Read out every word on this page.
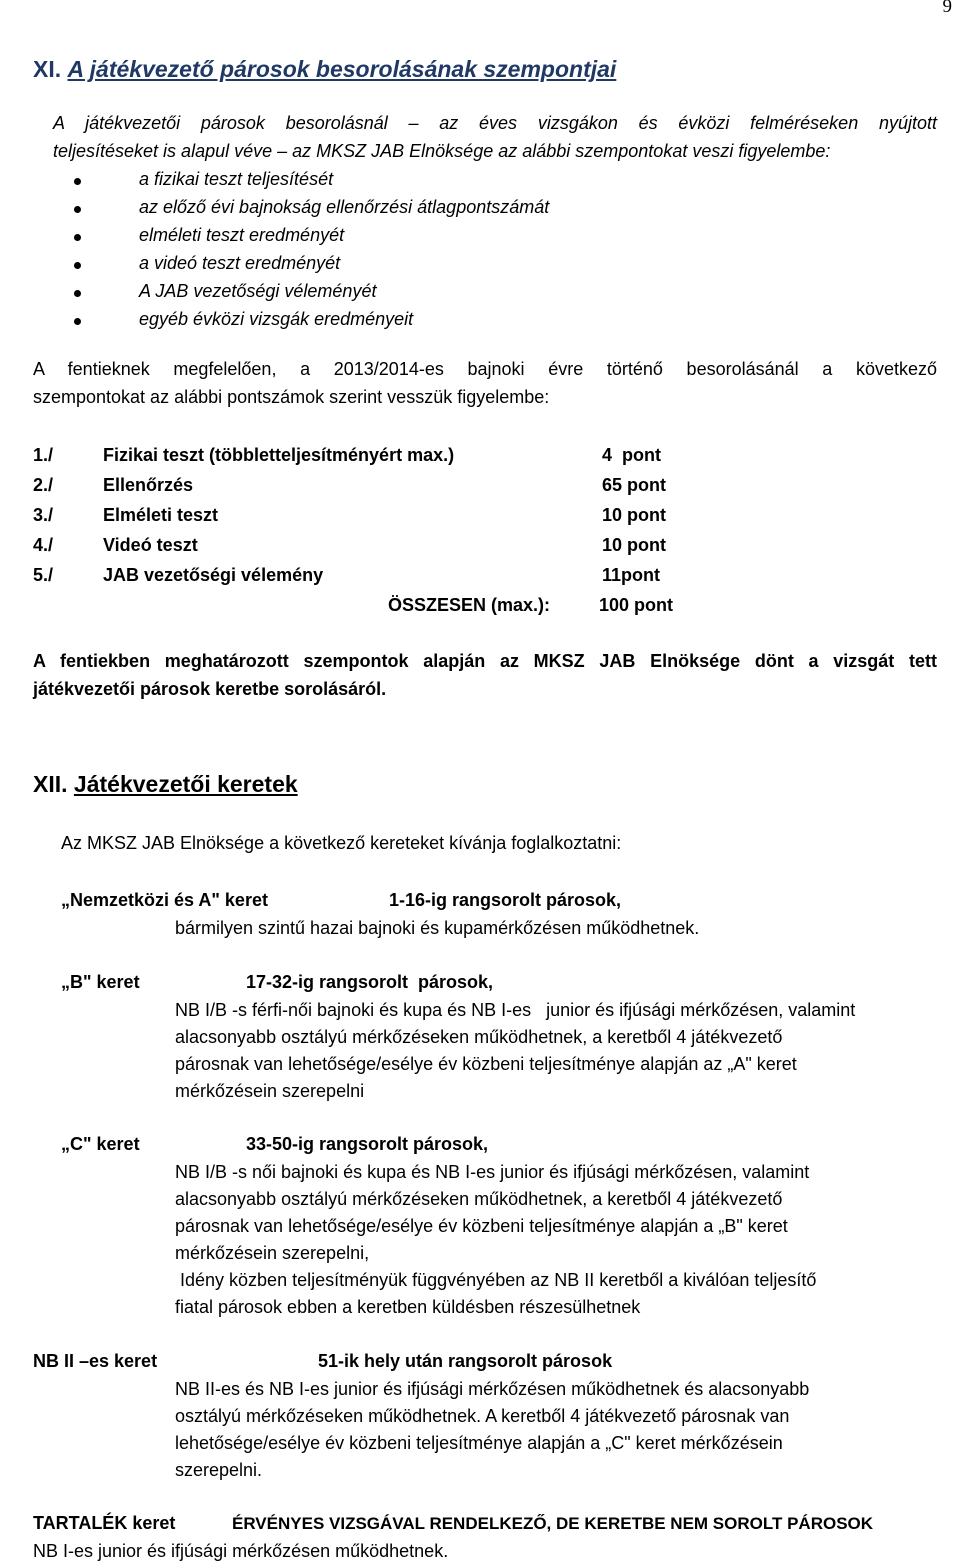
9
XI. A játékvezető párosok besorolásának szempontjai
A játékvezetői párosok besorolásnál – az éves vizsgákon és évközi felméréseken nyújtott
teljesítéseket is alapul véve – az MKSZ JAB Elnöksége az alábbi szempontokat veszi figyelembe:
a fizikai teszt teljesítését
az előző évi bajnokság ellenőrzési átlagpontszámát
elméleti teszt eredményét
a videó teszt eredményét
A JAB vezetőségi véleményét
egyéb évközi vizsgák eredményeit
A fentieknek megfelelően, a 2013/2014-es bajnoki évre történő besorolásánál a következő
szempontokat az alábbi pontszámok szerint vesszük figyelembe:
1./	Fizikai teszt (többletteljesítményért max.)	4  pont
2./	Ellenőrzés	65 pont
3./	Elméleti teszt	10 pont
4./	Videó teszt	10 pont
5./	JAB vezetőségi vélemény	11pont
ÖSSZESEN (max.):	100 pont
A fentiekben meghatározott szempontok alapján az MKSZ JAB Elnöksége dönt a vizsgát tett
játékvezetői párosok keretbe sorolásáról.
XII. Játékvezetői keretek
Az MKSZ JAB Elnöksége a következő kereteket kívánja foglalkoztatni:
„Nemzetközi és A" keret	1-16-ig rangsorolt párosok,
bármilyen szintű hazai bajnoki és kupamérkőzésen működhetnek.
„B" keret	17-32-ig rangsorolt  párosok,
NB I/B -s férfi-női bajnoki és kupa és NB I-es   junior és ifjúsági mérkőzésen, valamint
alacsonyabb osztályú mérkőzéseken működhetnek, a keretből 4 játékvezető
párosnak van lehetősége/esélye év közbeni teljesítménye alapján az „A" keret
mérkőzésein szerepelni
„C" keret	33-50-ig rangsorolt párosok,
NB I/B -s női bajnoki és kupa és NB I-es junior és ifjúsági mérkőzésen, valamint
alacsonyabb osztályú mérkőzéseken működhetnek, a keretből 4 játékvezető
párosnak van lehetősége/esélye év közbeni teljesítménye alapján a „B" keret
mérkőzésein szerepelni,
Idény közben teljesítményük függvényében az NB II keretből a kiválóan teljesítő
fiatal párosok ebben a keretben küldésben részesülhetnek
NB II –es keret	51-ik hely után rangsorolt párosok
NB II-es és NB I-es junior és ifjúsági mérkőzésen működhetnek és alacsonyabb
osztályú mérkőzéseken működhetnek. A keretből 4 játékvezető párosnak van
lehetősége/esélye év közbeni teljesítménye alapján a „C" keret mérkőzésein
szerepelni.
TARTALÉK keret	ÉRVÉNYES VIZSGÁVAL RENDELKEZŐ, DE KERETBE NEM SOROLT PÁROSOK
NB I-es junior és ifjúsági mérkőzésen működhetnek.
